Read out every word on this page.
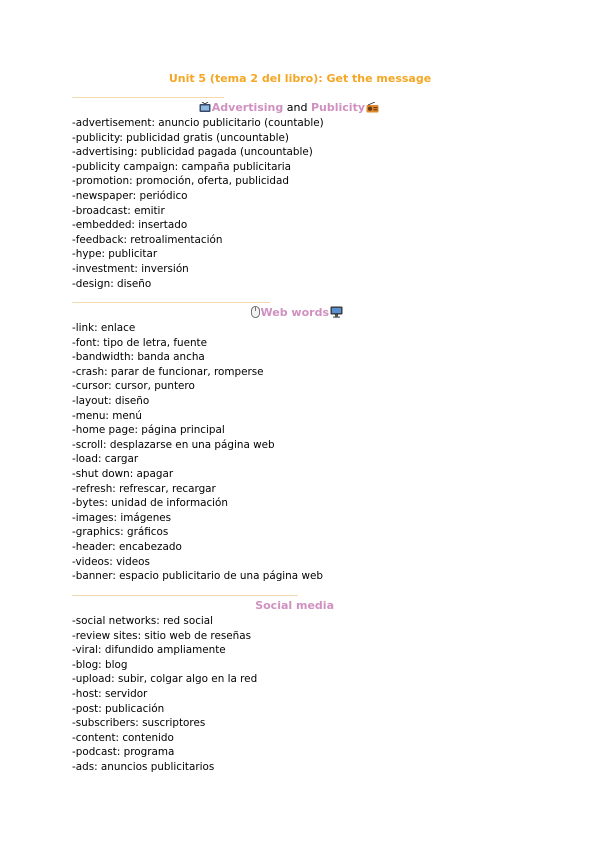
Unit 5 (tema 2 del libro): Get the message
Advertising and Publicity
-advertisement: anuncio publicitario (countable)
-publicity: publicidad gratis (uncountable)
-advertising: publicidad pagada (uncountable)
-publicity campaign: campaña publicitaria
-promotion: promoción, oferta, publicidad
-newspaper: periódico
-broadcast: emitir
-embedded: insertado
-feedback: retroalimentación
-hype: publicitar
-investment: inversión
-design: diseño
Web words
-link: enlace
-font: tipo de letra, fuente
-bandwidth: banda ancha
-crash: parar de funcionar, romperse
-cursor: cursor, puntero
-layout: diseño
-menu: menú
-home page: página principal
-scroll: desplazarse en una página web
-load: cargar
-shut down: apagar
-refresh: refrescar, recargar
-bytes: unidad de información
-images: imágenes
-graphics: gráficos
-header: encabezado
-videos: videos
-banner: espacio publicitario de una página web
Social media
-social networks: red social
-review sites: sitio web de reseñas
-viral: difundido ampliamente
-blog: blog
-upload: subir, colgar algo en la red
-host: servidor
-post: publicación
-subscribers: suscriptores
-content: contenido
-podcast: programa
-ads: anuncios publicitarios
